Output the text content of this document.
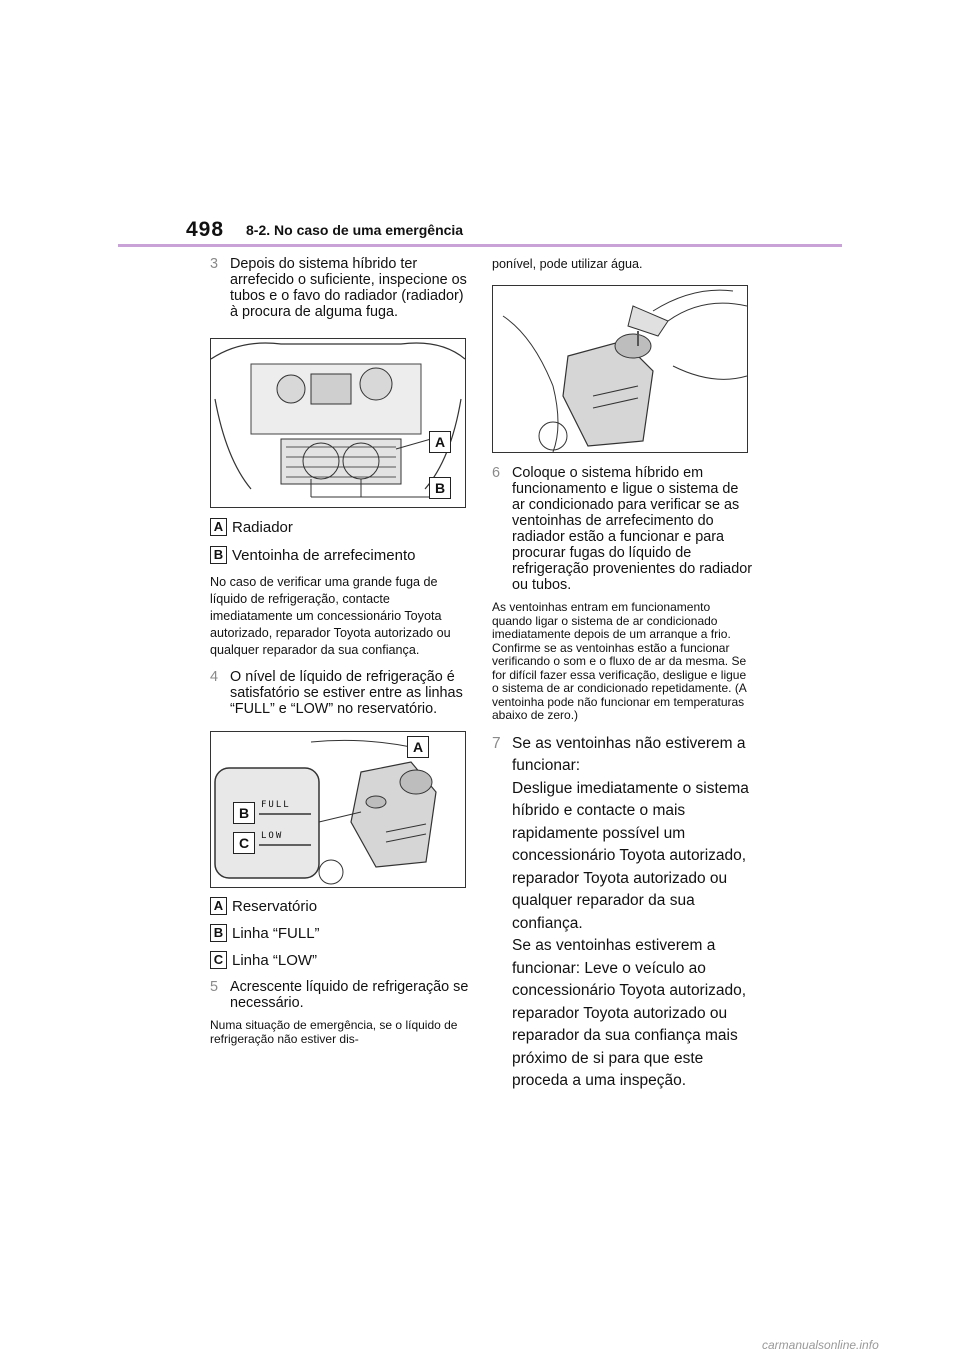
498 8-2. No caso de uma emergência
3 Depois do sistema híbrido ter arrefecido o suficiente, inspecione os tubos e o favo do radiador (radiador) à procura de alguma fuga.
A
B
A Radiador
B Ventoinha de arrefecimento

No caso de verificar uma grande fuga de líquido de refrigeração, contacte imediatamente um concessionário Toyota autorizado, reparador Toyota autorizado ou qualquer reparador da sua confiança.

4 O nível de líquido de refrigeração é satisfatório se estiver entre as linhas “FULL” e “LOW” no reservatório.
A
B
C
FULL
LOW
A Reservatório
B Linha “FULL”
C Linha “LOW”
5 Acrescente líquido de refrigeração se necessário.

Numa situação de emergência, se o líquido de refrigeração não estiver dis-

ponível, pode utilizar água.

6 Coloque o sistema híbrido em funcionamento e ligue o sistema de ar condicionado para verificar se as ventoinhas de arrefecimento do radiador estão a funcionar e para procurar fugas do líquido de refrigeração provenientes do radiador ou tubos.

As ventoinhas entram em funcionamento quando ligar o sistema de ar condicionado imediatamente depois de um arranque a frio. Confirme se as ventoinhas estão a funcionar verificando o som e o fluxo de ar da mesma. Se for difícil fazer essa verificação, desligue e ligue o sistema de ar condicionado repetidamente. (A ventoinha pode não funcionar em temperaturas abaixo de zero.)

7 Se as ventoinhas não estiverem a funcionar:
Desligue imediatamente o sistema híbrido e contacte o mais rapidamente possível um concessionário Toyota autorizado, reparador Toyota autorizado ou qualquer reparador da sua confiança.
Se as ventoinhas estiverem a funcionar: Leve o veículo ao concessionário Toyota autorizado, reparador Toyota autorizado ou reparador da sua confiança mais próximo de si para que este proceda a uma inspeção.
carmanualsonline.info
